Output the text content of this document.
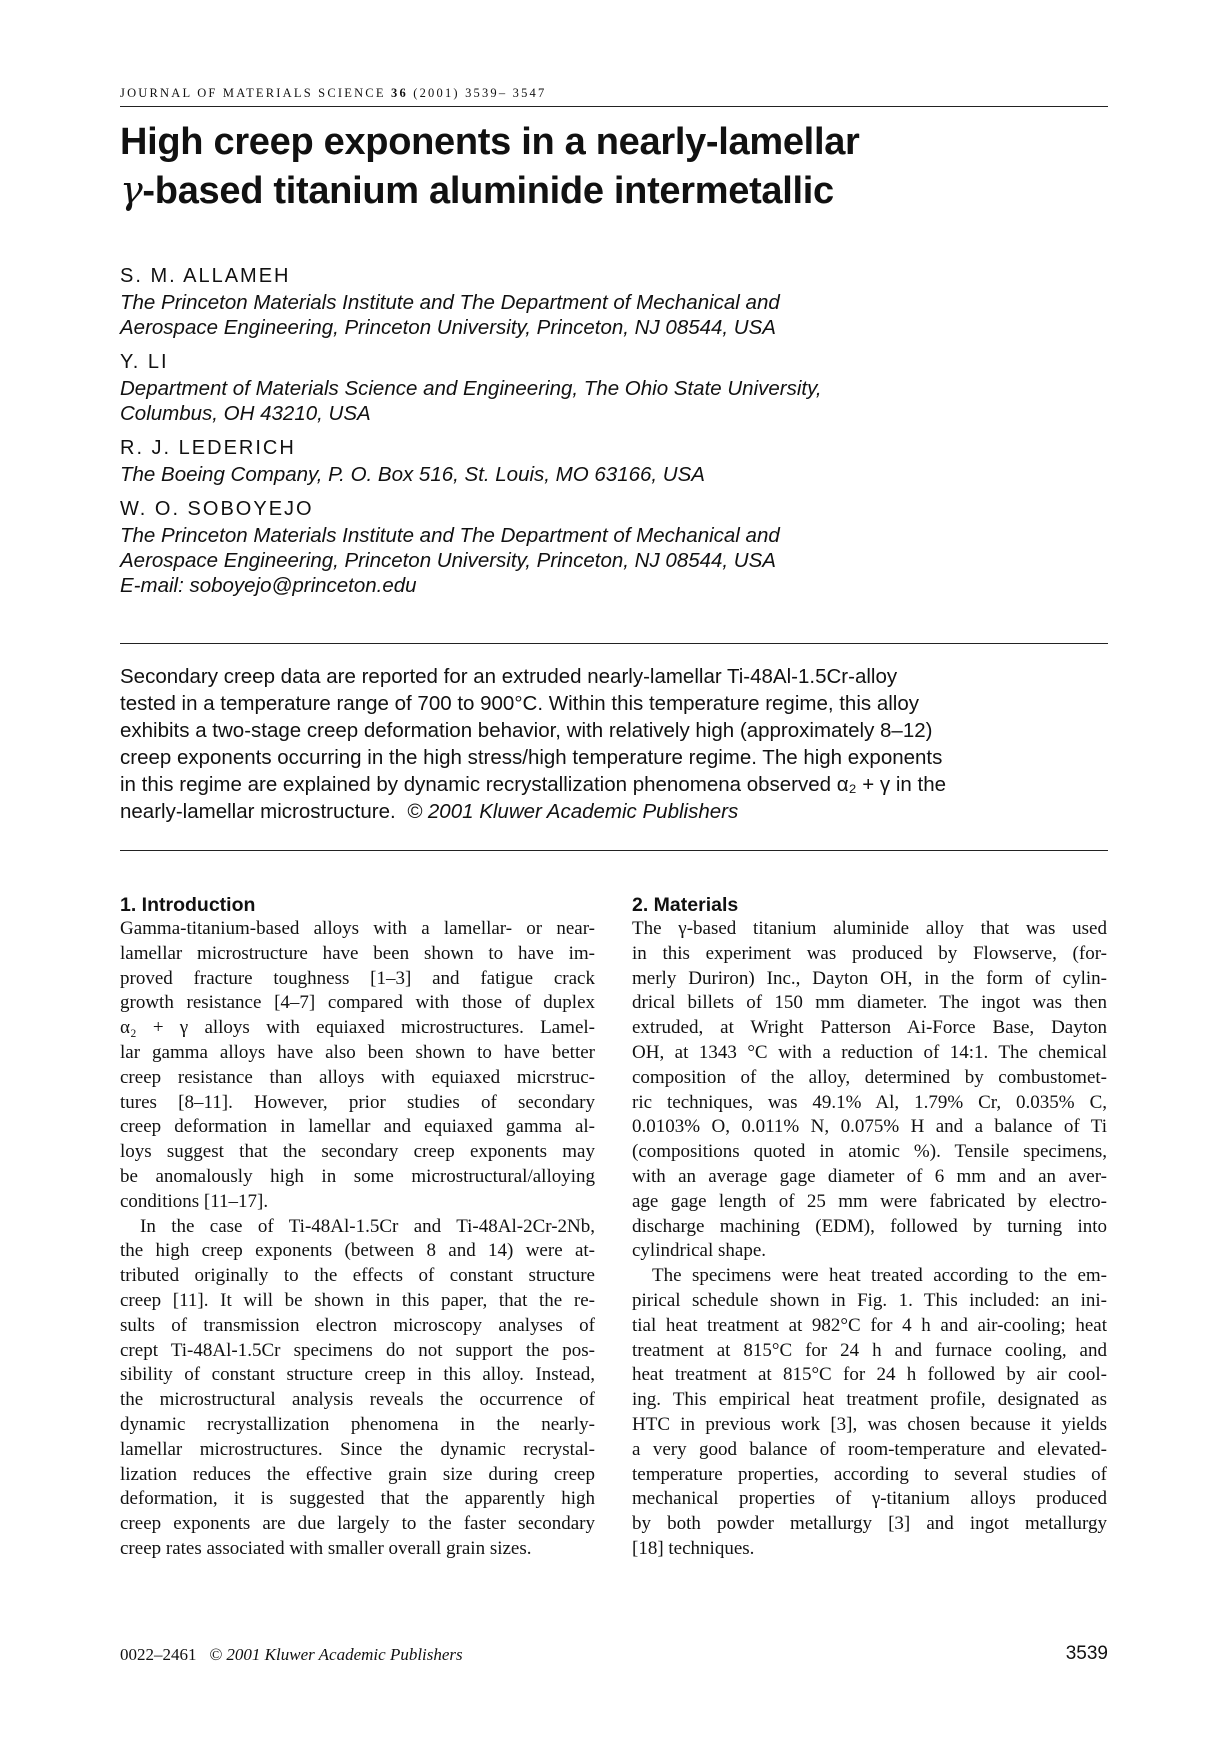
JOURNAL OF MATERIALS SCIENCE 36 (2001) 3539– 3547
High creep exponents in a nearly-lamellar
γ-based titanium aluminide intermetallic
S. M. ALLAMEH
The Princeton Materials Institute and The Department of Mechanical and
Aerospace Engineering, Princeton University, Princeton, NJ 08544, USA
Y. LI
Department of Materials Science and Engineering, The Ohio State University,
Columbus, OH 43210, USA
R. J. LEDERICH
The Boeing Company, P. O. Box 516, St. Louis, MO 63166, USA
W. O. SOBOYEJO
The Princeton Materials Institute and The Department of Mechanical and
Aerospace Engineering, Princeton University, Princeton, NJ 08544, USA
E-mail: soboyejo@princeton.edu
Secondary creep data are reported for an extruded nearly-lamellar Ti-48Al-1.5Cr-alloy
tested in a temperature range of 700 to 900°C. Within this temperature regime, this alloy
exhibits a two-stage creep deformation behavior, with relatively high (approximately 8–12)
creep exponents occurring in the high stress/high temperature regime. The high exponents
in this regime are explained by dynamic recrystallization phenomena observed α₂ + γ in the
nearly-lamellar microstructure. © 2001 Kluwer Academic Publishers
1. Introduction

Gamma-titanium-based alloys with a lamellar- or near-
lamellar microstructure have been shown to have im-
proved fracture toughness [1–3] and fatigue crack
growth resistance [4–7] compared with those of duplex
α₂ + γ alloys with equiaxed microstructures. Lamel-
lar gamma alloys have also been shown to have better
creep resistance than alloys with equiaxed micrstruc-
tures [8–11]. However, prior studies of secondary
creep deformation in lamellar and equiaxed gamma al-
loys suggest that the secondary creep exponents may
be anomalously high in some microstructural/alloying
conditions [11–17].

In the case of Ti-48Al-1.5Cr and Ti-48Al-2Cr-2Nb,
the high creep exponents (between 8 and 14) were at-
tributed originally to the effects of constant structure
creep [11]. It will be shown in this paper, that the re-
sults of transmission electron microscopy analyses of
crept Ti-48Al-1.5Cr specimens do not support the pos-
sibility of constant structure creep in this alloy. Instead,
the microstructural analysis reveals the occurrence of
dynamic recrystallization phenomena in the nearly-
lamellar microstructures. Since the dynamic recrystal-
lization reduces the effective grain size during creep
deformation, it is suggested that the apparently high
creep exponents are due largely to the faster secondary
creep rates associated with smaller overall grain sizes.

2. Materials

The γ-based titanium aluminide alloy that was used
in this experiment was produced by Flowserve, (for-
merly Duriron) Inc., Dayton OH, in the form of cylin-
drical billets of 150 mm diameter. The ingot was then
extruded, at Wright Patterson Ai-Force Base, Dayton
OH, at 1343 °C with a reduction of 14:1. The chemical
composition of the alloy, determined by combustomet-
ric techniques, was 49.1% Al, 1.79% Cr, 0.035% C,
0.0103% O, 0.011% N, 0.075% H and a balance of Ti
(compositions quoted in atomic %). Tensile specimens,
with an average gage diameter of 6 mm and an aver-
age gage length of 25 mm were fabricated by electro-
discharge machining (EDM), followed by turning into
cylindrical shape.

The specimens were heat treated according to the em-
pirical schedule shown in Fig. 1. This included: an ini-
tial heat treatment at 982°C for 4 h and air-cooling; heat
treatment at 815°C for 24 h and furnace cooling, and
heat treatment at 815°C for 24 h followed by air cool-
ing. This empirical heat treatment profile, designated as
HTC in previous work [3], was chosen because it yields
a very good balance of room-temperature and elevated-
temperature properties, according to several studies of
mechanical properties of γ-titanium alloys produced
by both powder metallurgy [3] and ingot metallurgy
[18] techniques.

0022–2461 © 2001 Kluwer Academic Publishers	3539
